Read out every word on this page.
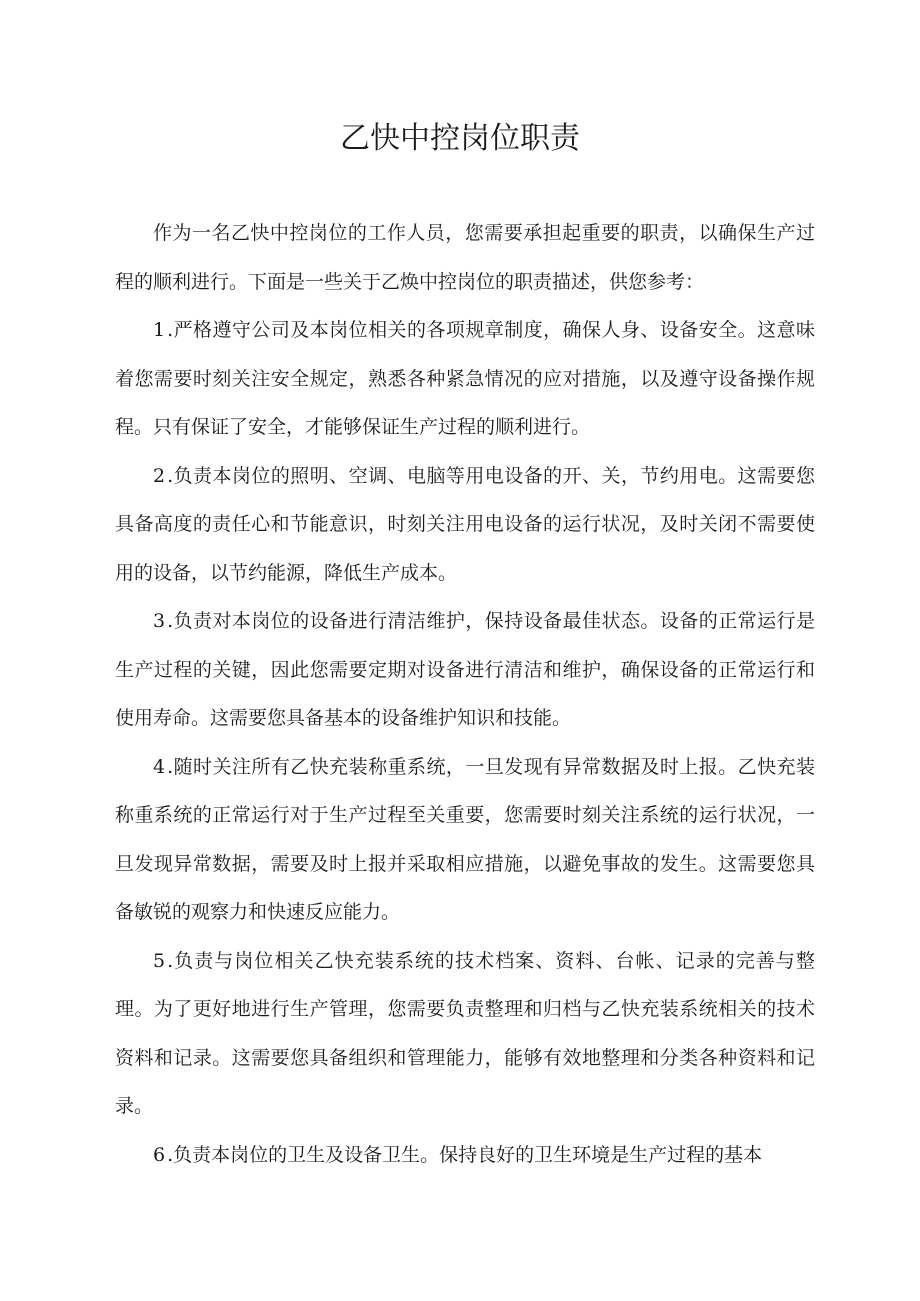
乙快中控岗位职责

作为一名乙快中控岗位的工作人员，您需要承担起重要的职责，以确保生产过程的顺利进行。下面是一些关于乙焕中控岗位的职责描述，供您参考：

1 .严格遵守公司及本岗位相关的各项规章制度，确保人身、设备安全。这意味着您需要时刻关注安全规定，熟悉各种紧急情况的应对措施，以及遵守设备操作规程。只有保证了安全，才能够保证生产过程的顺利进行。

2 .负责本岗位的照明、空调、电脑等用电设备的开、关，节约用电。这需要您具备高度的责任心和节能意识，时刻关注用电设备的运行状况，及时关闭不需要使用的设备，以节约能源，降低生产成本。

3 .负责对本岗位的设备进行清洁维护，保持设备最佳状态。设备的正常运行是生产过程的关键，因此您需要定期对设备进行清洁和维护，确保设备的正常运行和使用寿命。这需要您具备基本的设备维护知识和技能。

4 .随时关注所有乙快充装称重系统，一旦发现有异常数据及时上报。乙快充装称重系统的正常运行对于生产过程至关重要，您需要时刻关注系统的运行状况，一旦发现异常数据，需要及时上报并采取相应措施，以避免事故的发生。这需要您具备敏锐的观察力和快速反应能力。

5 .负责与岗位相关乙快充装系统的技术档案、资料、台帐、记录的完善与整理。为了更好地进行生产管理，您需要负责整理和归档与乙快充装系统相关的技术资料和记录。这需要您具备组织和管理能力，能够有效地整理和分类各种资料和记录。

6 .负责本岗位的卫生及设备卫生。保持良好的卫生环境是生产过程的基本
